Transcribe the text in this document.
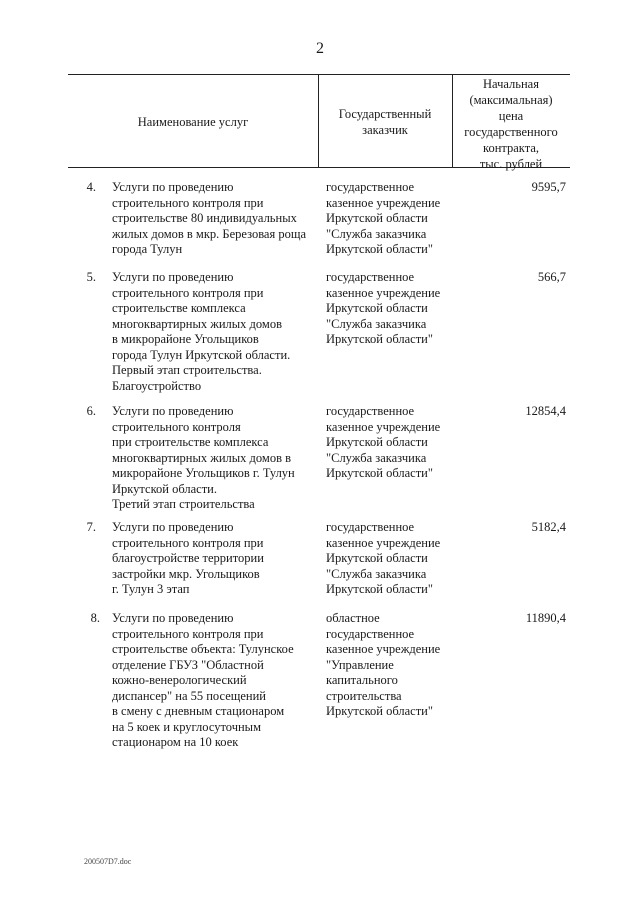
2
Наименование услуг
Государственный
заказчик
Начальная
(максимальная)
цена
государственного
контракта,
тыс. рублей
4. Услуги по проведению
строительного контроля при
строительстве 80 индивидуальных
жилых домов в мкр. Березовая роща
города Тулун
государственное
казенное учреждение
Иркутской области
"Служба заказчика
Иркутской области"
9595,7
5. Услуги по проведению
строительного контроля при
строительстве комплекса
многоквартирных жилых домов
в микрорайоне Угольщиков
города Тулун Иркутской области.
Первый этап строительства.
Благоустройство
государственное
казенное учреждение
Иркутской области
"Служба заказчика
Иркутской области"
566,7
6. Услуги по проведению
строительного контроля
при строительстве комплекса
многоквартирных жилых домов в
микрорайоне Угольщиков г. Тулун
Иркутской области.
Третий этап строительства
государственное
казенное учреждение
Иркутской области
"Служба заказчика
Иркутской области"
12854,4
7. Услуги по проведению
строительного контроля при
благоустройстве территории
застройки мкр. Угольщиков
г. Тулун 3 этап
государственное
казенное учреждение
Иркутской области
"Служба заказчика
Иркутской области"
5182,4
8. Услуги по проведению
строительного контроля при
строительстве объекта: Тулунское
отделение ГБУЗ "Областной
кожно-венерологический
диспансер" на 55 посещений
в смену с дневным стационаром
на 5 коек и круглосуточным
стационаром на 10 коек
областное
государственное
казенное учреждение
"Управление
капитального
строительства
Иркутской области"
11890,4
200507D7.doc
